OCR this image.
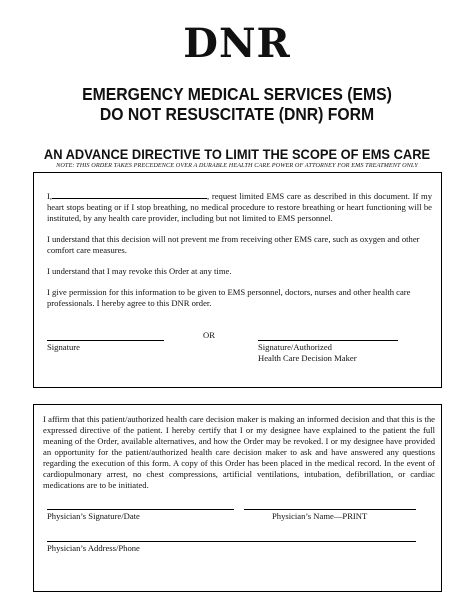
DNR
EMERGENCY MEDICAL SERVICES (EMS)
DO NOT RESUSCITATE (DNR) FORM
AN ADVANCE DIRECTIVE TO LIMIT THE SCOPE OF EMS CARE
NOTE: THIS ORDER TAKES PRECEDENCE OVER A DURABLE HEALTH CARE POWER OF ATTORNEY FOR EMS TREATMENT ONLY

I,	, request limited EMS care as described in this document. If my heart stops beating or if I stop breathing, no medical procedure to restore breathing or heart functioning will be instituted, by any health care provider, including but not limited to EMS personnel.

I understand that this decision will not prevent me from receiving other EMS care, such as oxygen and other comfort care measures.

I understand that I may revoke this Order at any time.

I give permission for this information to be given to EMS personnel, doctors, nurses and other health care professionals. I hereby agree to this DNR order.

OR
Signature	Signature/Authorized
Health Care Decision Maker

I affirm that this patient/authorized health care decision maker is making an informed decision and that this is the expressed directive of the patient. I hereby certify that I or my designee have explained to the patient the full meaning of the Order, available alternatives, and how the Order may be revoked. I or my designee have provided an opportunity for the patient/authorized health care decision maker to ask and have answered any questions regarding the execution of this form. A copy of this Order has been placed in the medical record. In the event of cardiopulmonary arrest, no chest compressions, artificial ventilations, intubation, defibrillation, or cardiac medications are to be initiated.

Physician’s Signature/Date	Physician’s Name—PRINT
Physician’s Address/Phone
